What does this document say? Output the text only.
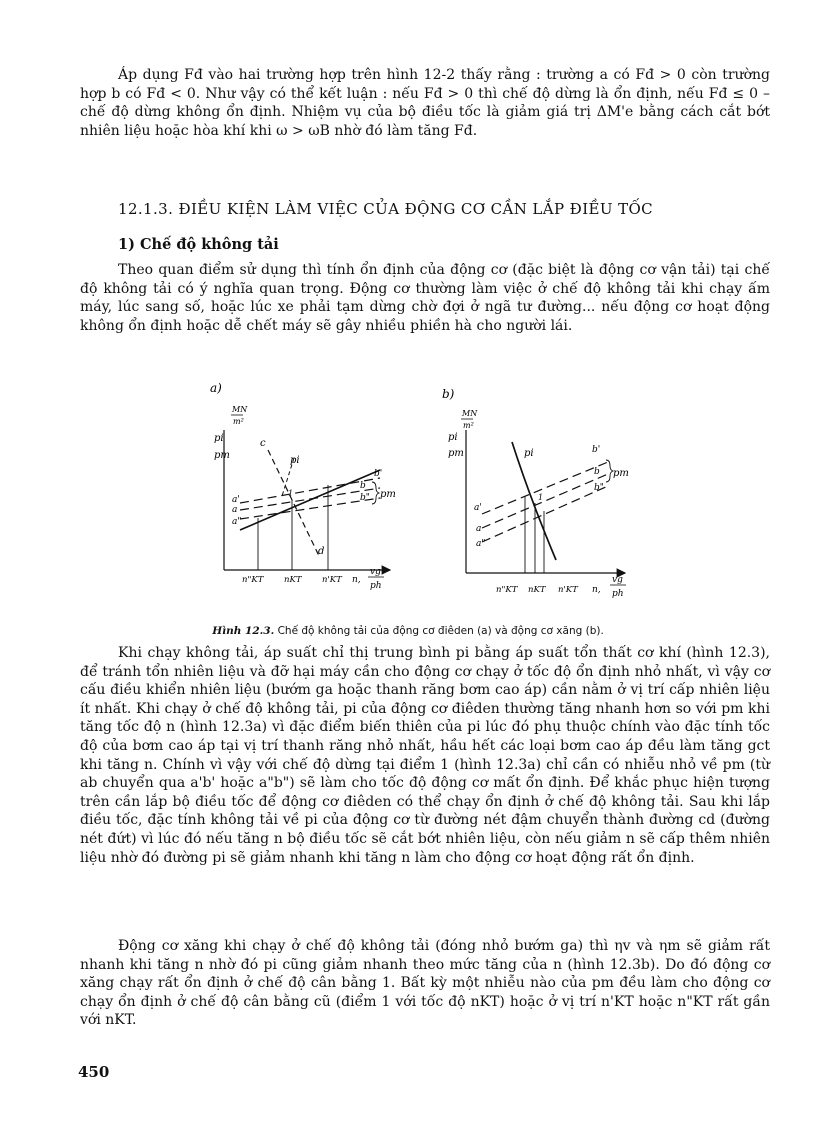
Áp dụng Fđ vào hai trường hợp trên hình 12-2 thấy rằng : trường a có Fđ > 0 còn trường hợp b có Fđ < 0. Như vậy có thể kết luận : nếu Fđ > 0 thì chế độ dừng là ổn định, nếu Fđ ≤ 0 – chế độ dừng không ổn định. Nhiệm vụ của bộ điều tốc là giảm giá trị ΔM'e bằng cách cắt bớt nhiên liệu hoặc hòa khí khi ω > ωB nhờ đó làm tăng Fđ.

12.1.3. ĐIỀU KIỆN LÀM VIỆC CỦA ĐỘNG CƠ CẦN LẮP ĐIỀU TỐC
1) Chế độ không tải

Theo quan điểm sử dụng thì tính ổn định của động cơ (đặc biệt là động cơ vận tải) tại chế độ không tải có ý nghĩa quan trọng. Động cơ thường làm việc ở chế độ không tải khi chạy ấm máy, lúc sang số, hoặc lúc xe phải tạm dừng chờ đợi ở ngã tư đường... nếu động cơ hoạt động không ổn định hoặc dễ chết máy sẽ gây nhiều phiền hà cho người lái.

a)
MN
m²
pi
pm
c
pi
d
a'
a
a"
b'
b
b" pm
1
n"KT nKT n'KT n,
vg
ph
b)
MN
m²
pi
pm	pi
a'
a
a"
b'
b
b"
pm
1
n"KT nKT n'KT n,
vg
ph
Hình 12.3. Chế độ không tải của động cơ điêden (a) và động cơ xăng (b).

Khi chạy không tải, áp suất chỉ thị trung bình pi bằng áp suất tổn thất cơ khí (hình 12.3), để tránh tổn nhiên liệu và đỡ hại máy cần cho động cơ chạy ở tốc độ ổn định nhỏ nhất, vì vậy cơ cấu điều khiển nhiên liệu (bướm ga hoặc thanh răng bơm cao áp) cần nằm ở vị trí cấp nhiên liệu ít nhất. Khi chạy ở chế độ không tải, pi của động cơ điêden thường tăng nhanh hơn so với pm khi tăng tốc độ n (hình 12.3a) vì đặc điểm biến thiên của pi lúc đó phụ thuộc chính vào đặc tính tốc độ của bơm cao áp tại vị trí thanh răng nhỏ nhất, hầu hết các loại bơm cao áp đều làm tăng gct khi tăng n. Chính vì vậy với chế độ dừng tại điểm 1 (hình 12.3a) chỉ cần có nhiễu nhỏ về pm (từ ab chuyển qua a'b' hoặc a"b") sẽ làm cho tốc độ động cơ mất ổn định. Để khắc phục hiện tượng trên cần lắp bộ điều tốc để động cơ điêden có thể chạy ổn định ở chế độ không tải. Sau khi lắp điều tốc, đặc tính không tải về pi của động cơ từ đường nét đậm chuyển thành đường cd (đường nét đứt) vì lúc đó nếu tăng n bộ điều tốc sẽ cắt bớt nhiên liệu, còn nếu giảm n sẽ cấp thêm nhiên liệu nhờ đó đường pi sẽ giảm nhanh khi tăng n làm cho động cơ hoạt động rất ổn định.

Động cơ xăng khi chạy ở chế độ không tải (đóng nhỏ bướm ga) thì ηv và ηm sẽ giảm rất nhanh khi tăng n nhờ đó pi cũng giảm nhanh theo mức tăng của n (hình 12.3b). Do đó động cơ xăng chạy rất ổn định ở chế độ cân bằng 1. Bất kỳ một nhiễu nào của pm đều làm cho động cơ chạy ổn định ở chế độ cân bằng cũ (điểm 1 với tốc độ nKT) hoặc ở vị trí n'KT hoặc n"KT rất gần với nKT.

450
